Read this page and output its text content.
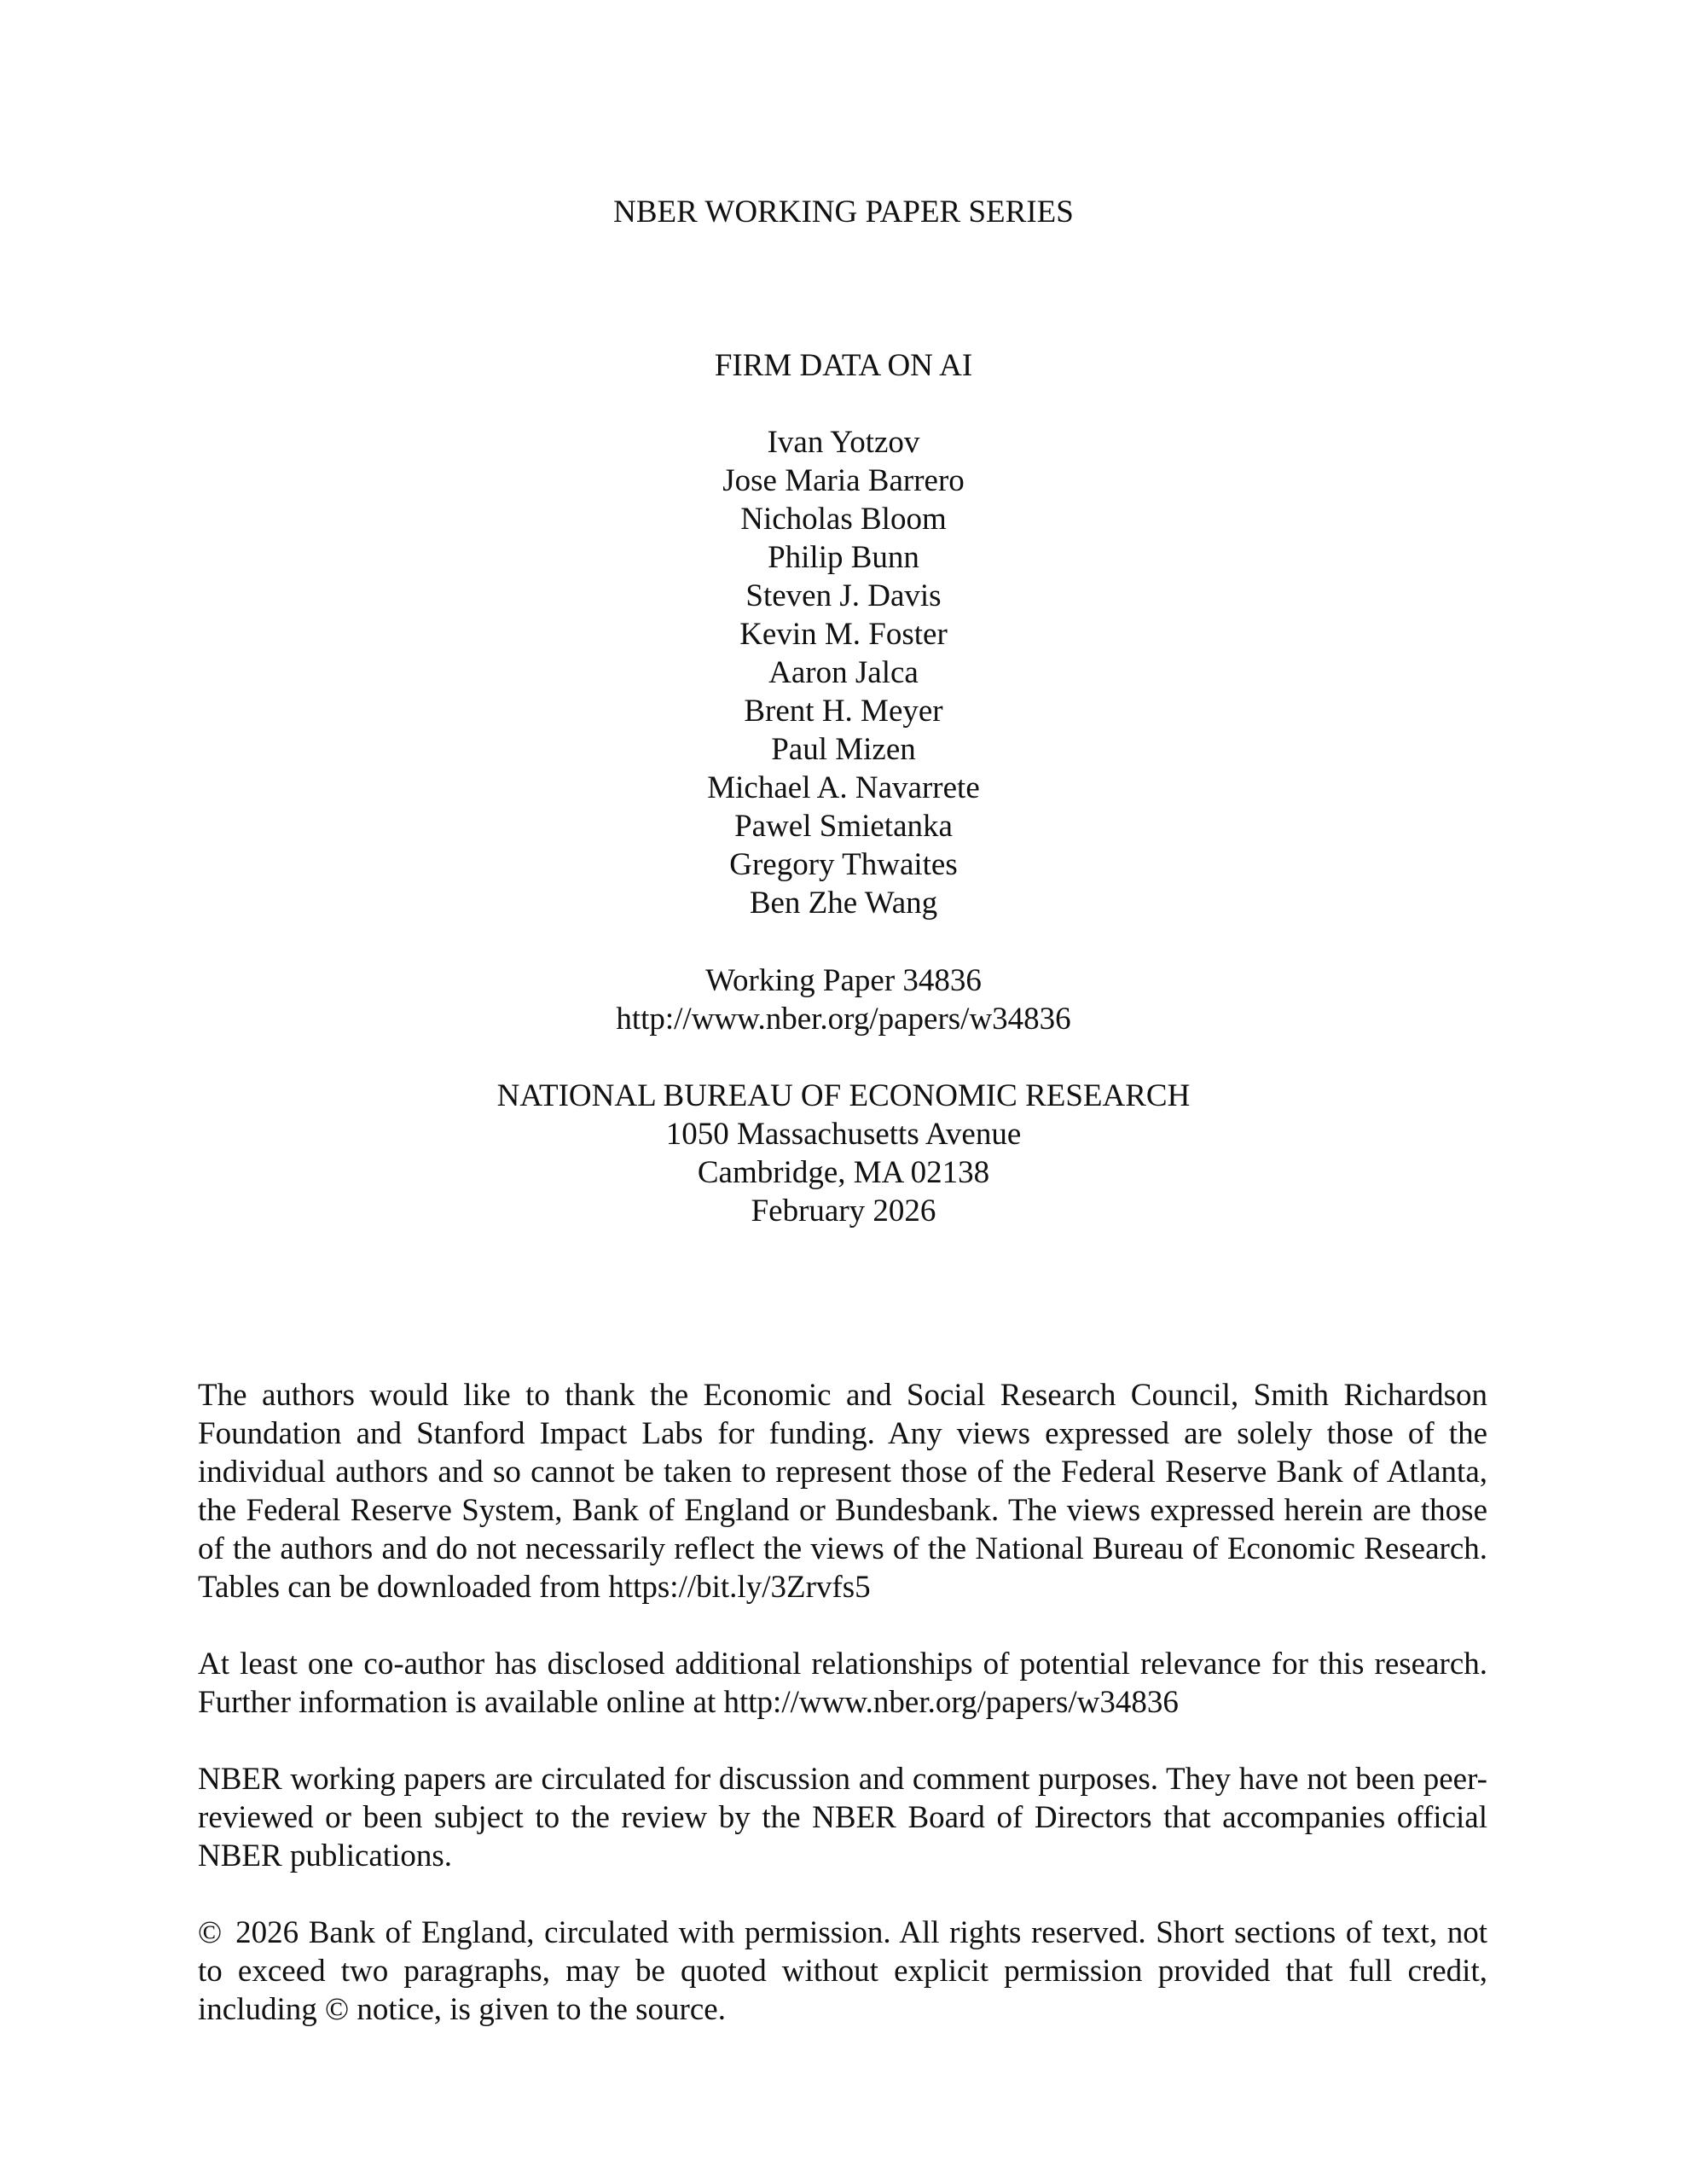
NBER WORKING PAPER SERIES
FIRM DATA ON AI
Ivan Yotzov
Jose Maria Barrero
Nicholas Bloom
Philip Bunn
Steven J. Davis
Kevin M. Foster
Aaron Jalca
Brent H. Meyer
Paul Mizen
Michael A. Navarrete
Pawel Smietanka
Gregory Thwaites
Ben Zhe Wang
Working Paper 34836
http://www.nber.org/papers/w34836
NATIONAL BUREAU OF ECONOMIC RESEARCH
1050 Massachusetts Avenue
Cambridge, MA 02138
February 2026

The authors would like to thank the Economic and Social Research Council, Smith Richardson Foundation and Stanford Impact Labs for funding. Any views expressed are solely those of the individual authors and so cannot be taken to represent those of the Federal Reserve Bank of Atlanta, the Federal Reserve System, Bank of England or Bundesbank. The views expressed herein are those of the authors and do not necessarily reflect the views of the National Bureau of Economic Research. Tables can be downloaded from https://bit.ly/3Zrvfs5

At least one co-author has disclosed additional relationships of potential relevance for this research. Further information is available online at http://www.nber.org/papers/w34836

NBER working papers are circulated for discussion and comment purposes. They have not been peer-reviewed or been subject to the review by the NBER Board of Directors that accompanies official NBER publications.

© 2026 Bank of England, circulated with permission. All rights reserved. Short sections of text, not to exceed two paragraphs, may be quoted without explicit permission provided that full credit, including © notice, is given to the source.
